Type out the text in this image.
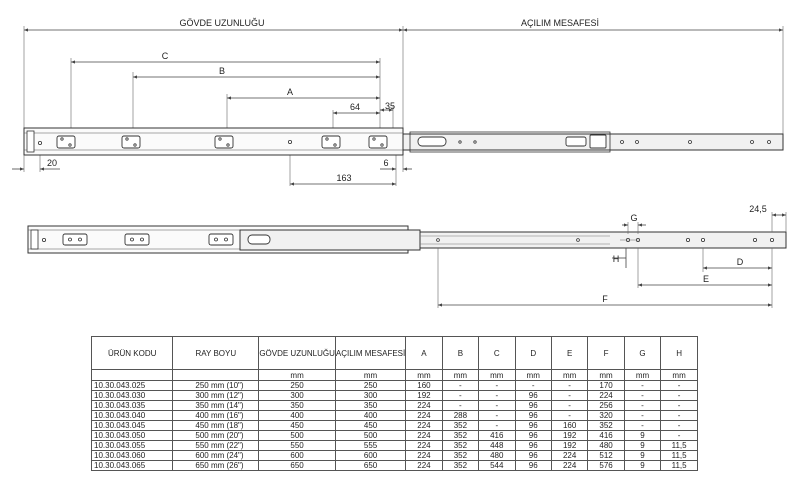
GÖVDE UZUNLUĞU	AÇILIM MESAFESİ
C
B
A
64	35
20	6
163
24,5
G
H	D
E
F
ÜRÜN KODU	RAY BOYU	GÖVDE UZUNLUĞU	AÇILIM MESAFESİ	A	B	C	D	E	F	G	H
		mm	mm	mm	mm	mm	mm	mm	mm	mm	mm
10.30.043.025	250 mm (10")	250	250	160	-	-	-	-	170	-	-
10.30.043.030	300 mm (12")	300	300	192	-	-	96	-	224	-	-
10.30.043.035	350 mm (14")	350	350	224	-	-	96	-	256	-	-
10.30.043.040	400 mm (16")	400	400	224	288	-	96	-	320	-	-
10.30.043.045	450 mm (18")	450	450	224	352	-	96	160	352	-	-
10.30.043.050	500 mm (20")	500	500	224	352	416	96	192	416	9	-
10.30.043.055	550 mm (22")	550	555	224	352	448	96	192	480	9	11,5
10.30.043.060	600 mm (24")	600	600	224	352	480	96	224	512	9	11,5
10.30.043.065	650 mm (26")	650	650	224	352	544	96	224	576	9	11,5
